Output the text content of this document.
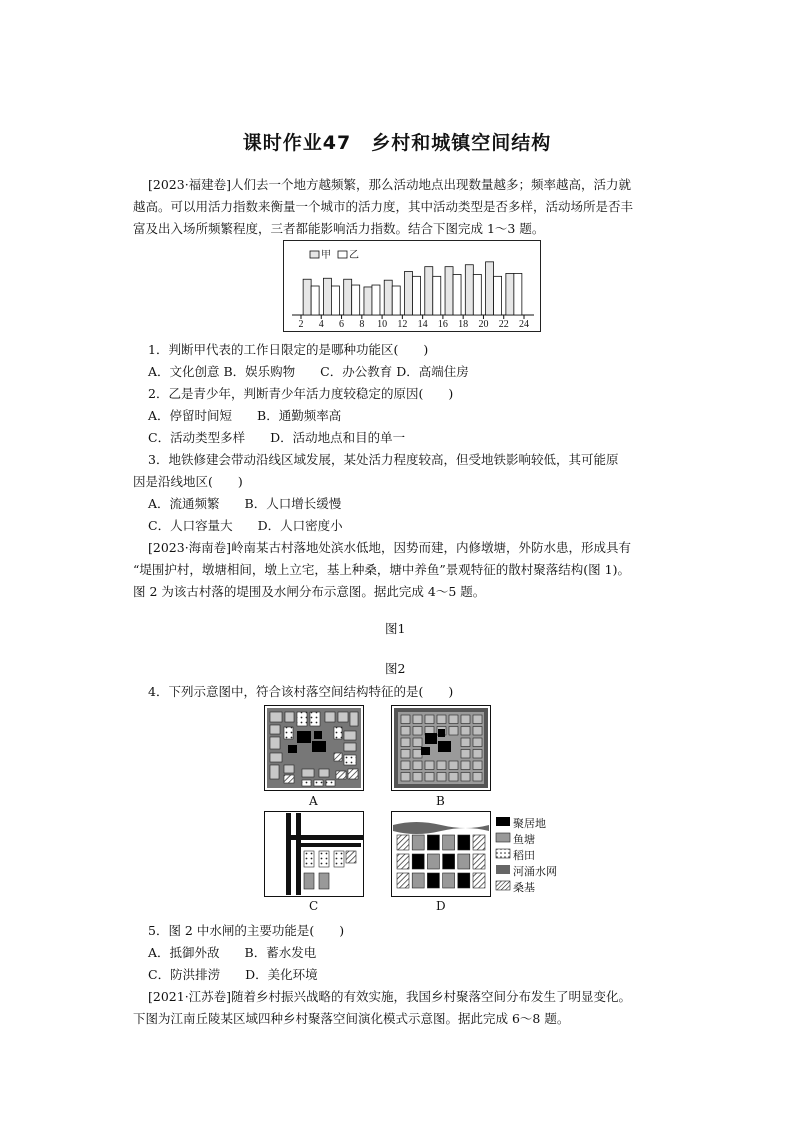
课时作业47　乡村和城镇空间结构
[2023·福建卷]人们去一个地方越频繁，那么活动地点出现数量越多；频率越高，活力就
越高。可以用活力指数来衡量一个城市的活力度，其中活动类型是否多样，活动场所是否丰
富及出入场所频繁程度，三者都能影响活力指数。结合下图完成 1～3 题。
2 4 6 8 10 12 14 16 18 20 22 24
甲 乙
1．判断甲代表的工作日限定的是哪种功能区(　　)
A．文化创意 B．娱乐购物　　C．办公教育 D．高端住房
2．乙是青少年，判断青少年活力度较稳定的原因(　　)
A．停留时间短　　B．通勤频率高
C．活动类型多样　　D．活动地点和目的单一
3．地铁修建会带动沿线区域发展，某处活力程度较高，但受地铁影响较低，其可能原
因是沿线地区(　　)
A．流通频繁　　B．人口增长缓慢
C．人口容量大　　D．人口密度小
[2023·海南卷]岭南某古村落地处滨水低地，因势而建，内修墩塘，外防水患，形成具有
“堤围护村，墩塘相间，墩上立宅，基上种桑，塘中养鱼”景观特征的散村聚落结构(图 1)。
图 2 为该古村落的堤围及水闸分布示意图。据此完成 4～5 题。
图1
图2
4．下列示意图中，符合该村落空间结构特征的是(　　)
A	B
C	D
聚居地
鱼塘
稻田
河涌水网
桑基
5．图 2 中水闸的主要功能是(　　)
A．抵御外敌　　B．蓄水发电
C．防洪排涝　　D．美化环境
[2021·江苏卷]随着乡村振兴战略的有效实施，我国乡村聚落空间分布发生了明显变化。
下图为江南丘陵某区域四种乡村聚落空间演化模式示意图。据此完成 6～8 题。
